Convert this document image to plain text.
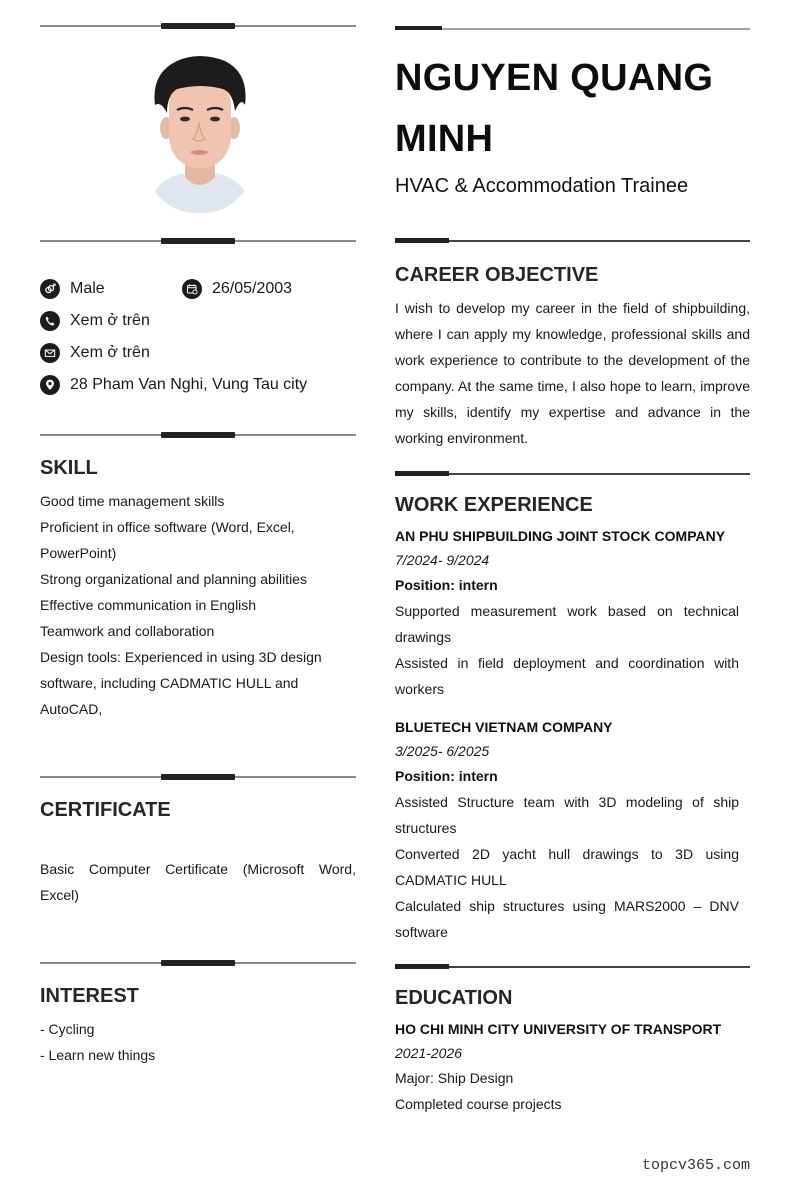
Male	26/05/2003
Xem ở trên
Xem ở trên
28 Pham Van Nghi, Vung Tau city
SKILL
Good time management skills
Proficient in office software (Word, Excel,
PowerPoint)
Strong organizational and planning abilities
Effective communication in English
Teamwork and collaboration
Design tools: Experienced in using 3D design
software, including CADMATIC HULL and
AutoCAD,
CERTIFICATE
Basic Computer Certificate (Microsoft Word,
Excel)
INTEREST
- Cycling
- Learn new things
NGUYEN QUANG
MINH
HVAC & Accommodation Trainee
CAREER OBJECTIVE
I wish to develop my career in the field of shipbuilding,
where I can apply my knowledge, professional skills and
work experience to contribute to the development of the
company. At the same time, I also hope to learn, improve
my skills, identify my expertise and advance in the
working environment.
WORK EXPERIENCE
AN PHU SHIPBUILDING JOINT STOCK COMPANY
7/2024- 9/2024
Position: intern
Supported measurement work based on technical
drawings
Assisted in field deployment and coordination with
workers
BLUETECH VIETNAM COMPANY
3/2025- 6/2025
Position: intern
Assisted Structure team with 3D modeling of ship
structures
Converted 2D yacht hull drawings to 3D using
CADMATIC HULL
Calculated ship structures using MARS2000 – DNV
software
EDUCATION
HO CHI MINH CITY UNIVERSITY OF TRANSPORT
2021-2026
Major: Ship Design
Completed course projects
topcv365.com
